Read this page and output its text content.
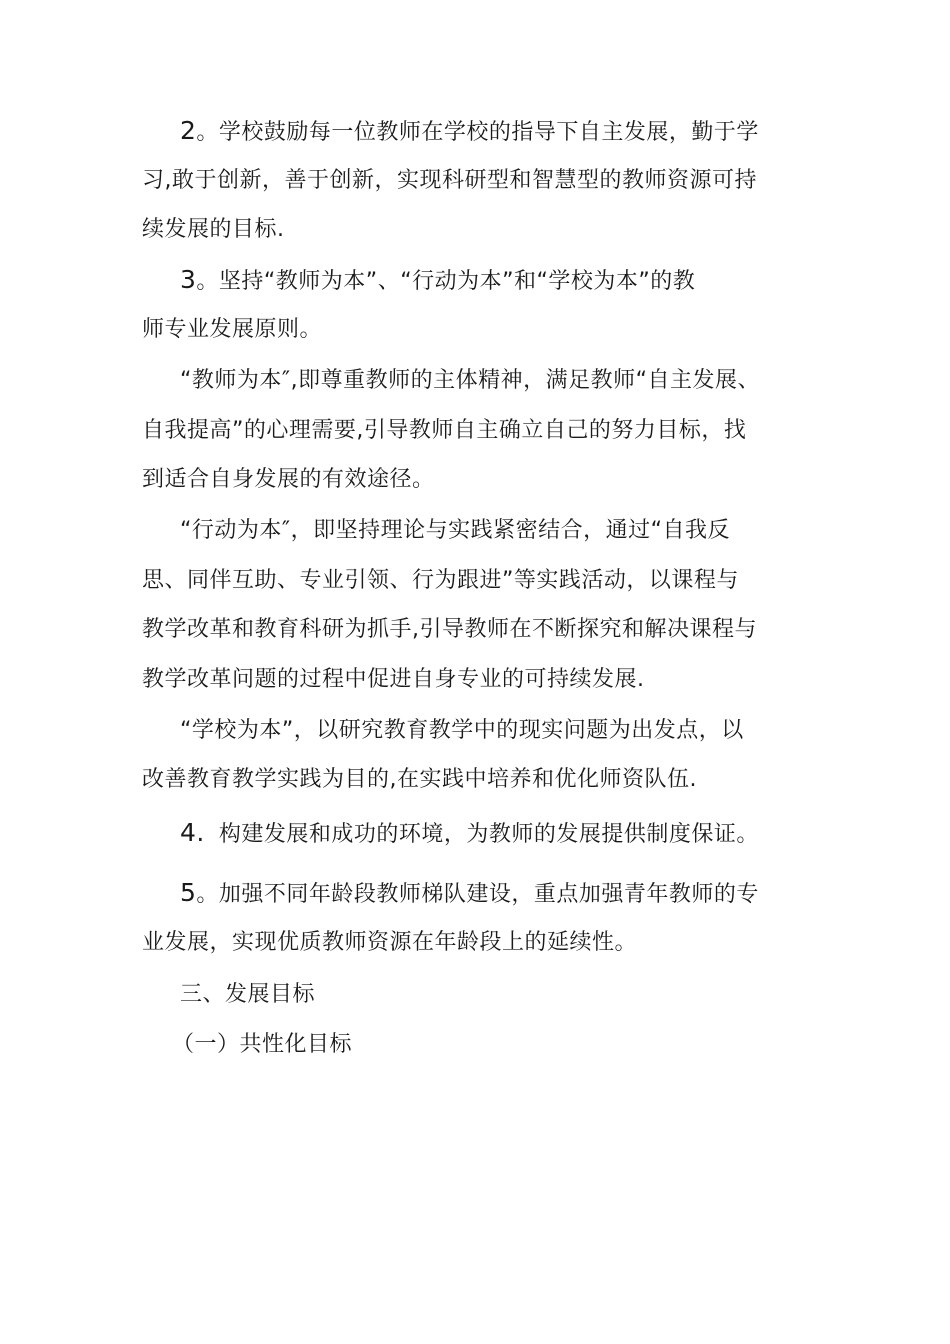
2。学校鼓励每一位教师在学校的指导下自主发展，勤于学
习,敢于创新，善于创新，实现科研型和智慧型的教师资源可持
续发展的目标.
3。坚持“教师为本”、“行动为本”和“学校为本”的教
师专业发展原则。
“教师为本″,即尊重教师的主体精神，满足教师“自主发展、
自我提高”的心理需要,引导教师自主确立自己的努力目标，找
到适合自身发展的有效途径。
“行动为本″，即坚持理论与实践紧密结合，通过“自我反
思、同伴互助、专业引领、行为跟进”等实践活动，以课程与
教学改革和教育科研为抓手,引导教师在不断探究和解决课程与
教学改革问题的过程中促进自身专业的可持续发展.
“学校为本”，以研究教育教学中的现实问题为出发点，以
改善教育教学实践为目的,在实践中培养和优化师资队伍.
4. 构建发展和成功的环境，为教师的发展提供制度保证。
5。加强不同年龄段教师梯队建设，重点加强青年教师的专
业发展，实现优质教师资源在年龄段上的延续性。
三、发展目标
（一）共性化目标
